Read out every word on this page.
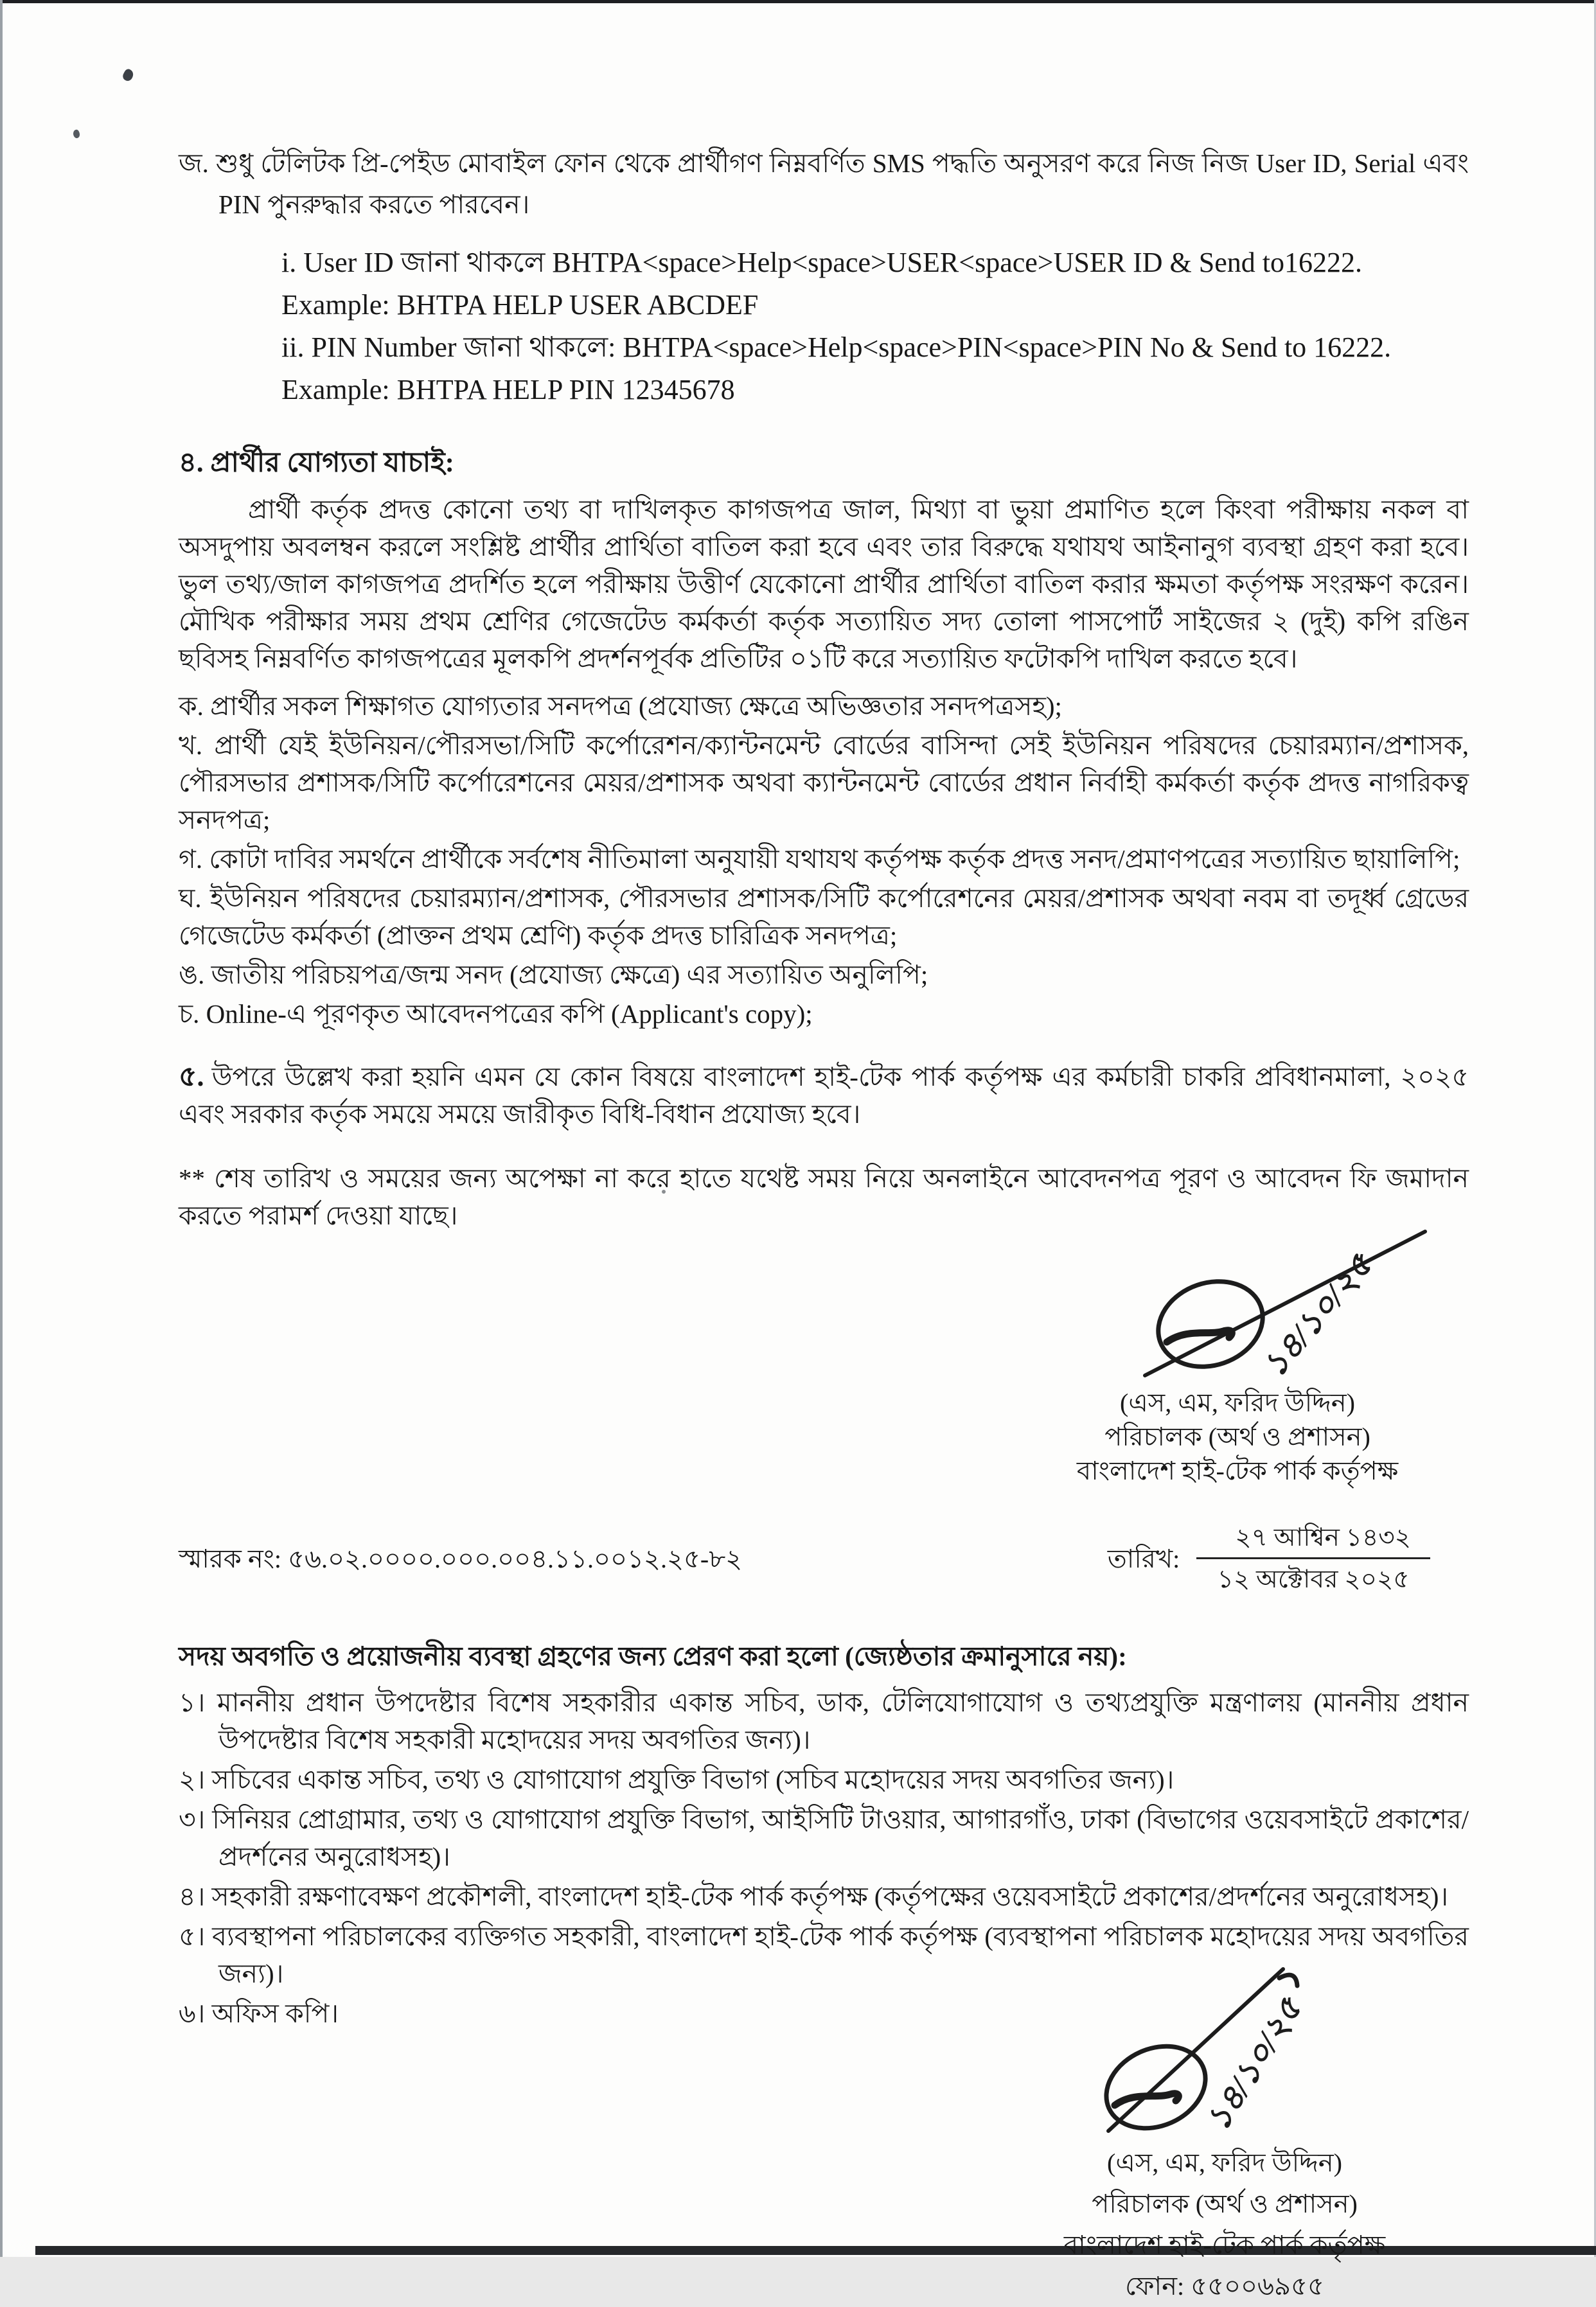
জ. শুধু টেলিটক প্রি-পেইড মোবাইল ফোন থেকে প্রার্থীগণ নিম্নবর্ণিত SMS পদ্ধতি অনুসরণ করে নিজ নিজ User ID, Serial এবং PIN পুনরুদ্ধার করতে পারবেন।
i. User ID জানা থাকলে BHTPA<space>Help<space>USER<space>USER ID & Send to16222.
Example: BHTPA HELP USER ABCDEF
ii. PIN Number জানা থাকলে: BHTPA<space>Help<space>PIN<space>PIN No & Send to 16222.
Example: BHTPA HELP PIN 12345678
৪. প্রার্থীর যোগ্যতা যাচাই:
প্রার্থী কর্তৃক প্রদত্ত কোনো তথ্য বা দাখিলকৃত কাগজপত্র জাল, মিথ্যা বা ভুয়া প্রমাণিত হলে কিংবা পরীক্ষায় নকল বা অসদুপায় অবলম্বন করলে সংশ্লিষ্ট প্রার্থীর প্রার্থিতা বাতিল করা হবে এবং তার বিরুদ্ধে যথাযথ আইনানুগ ব্যবস্থা গ্রহণ করা হবে। ভুল তথ্য/জাল কাগজপত্র প্রদর্শিত হলে পরীক্ষায় উত্তীর্ণ যেকোনো প্রার্থীর প্রার্থিতা বাতিল করার ক্ষমতা কর্তৃপক্ষ সংরক্ষণ করেন। মৌখিক পরীক্ষার সময় প্রথম শ্রেণির গেজেটেড কর্মকর্তা কর্তৃক সত্যায়িত সদ্য তোলা পাসপোর্ট সাইজের ২ (দুই) কপি রঙিন ছবিসহ নিম্নবর্ণিত কাগজপত্রের মূলকপি প্রদর্শনপূর্বক প্রতিটির ০১টি করে সত্যায়িত ফটোকপি দাখিল করতে হবে।
ক. প্রার্থীর সকল শিক্ষাগত যোগ্যতার সনদপত্র (প্রযোজ্য ক্ষেত্রে অভিজ্ঞতার সনদপত্রসহ);
খ. প্রার্থী যেই ইউনিয়ন/পৌরসভা/সিটি কর্পোরেশন/ক্যান্টনমেন্ট বোর্ডের বাসিন্দা সেই ইউনিয়ন পরিষদের চেয়ারম্যান/প্রশাসক, পৌরসভার প্রশাসক/সিটি কর্পোরেশনের মেয়র/প্রশাসক অথবা ক্যান্টনমেন্ট বোর্ডের প্রধান নির্বাহী কর্মকর্তা কর্তৃক প্রদত্ত নাগরিকত্ব সনদপত্র;
গ. কোটা দাবির সমর্থনে প্রার্থীকে সর্বশেষ নীতিমালা অনুযায়ী যথাযথ কর্তৃপক্ষ কর্তৃক প্রদত্ত সনদ/প্রমাণপত্রের সত্যায়িত ছায়ালিপি;
ঘ. ইউনিয়ন পরিষদের চেয়ারম্যান/প্রশাসক, পৌরসভার প্রশাসক/সিটি কর্পোরেশনের মেয়র/প্রশাসক অথবা নবম বা তদূর্ধ্ব গ্রেডের গেজেটেড কর্মকর্তা (প্রাক্তন প্রথম শ্রেণি) কর্তৃক প্রদত্ত চারিত্রিক সনদপত্র;
ঙ. জাতীয় পরিচয়পত্র/জন্ম সনদ (প্রযোজ্য ক্ষেত্রে) এর সত্যায়িত অনুলিপি;
চ. Online-এ পূরণকৃত আবেদনপত্রের কপি (Applicant's copy);
৫. উপরে উল্লেখ করা হয়নি এমন যে কোন বিষয়ে বাংলাদেশ হাই-টেক পার্ক কর্তৃপক্ষ এর কর্মচারী চাকরি প্রবিধানমালা, ২০২৫ এবং সরকার কর্তৃক সময়ে সময়ে জারীকৃত বিধি-বিধান প্রযোজ্য হবে।
** শেষ তারিখ ও সময়ের জন্য অপেক্ষা না করে হাতে যথেষ্ট সময় নিয়ে অনলাইনে আবেদনপত্র পূরণ ও আবেদন ফি জমাদান করতে পরামর্শ দেওয়া যাছে।
১৪/১০/২৫
(এস, এম, ফরিদ উদ্দিন)
পরিচালক (অর্থ ও প্রশাসন)
বাংলাদেশ হাই-টেক পার্ক কর্তৃপক্ষ
স্মারক নং: ৫৬.০২.০০০০.০০০.০০৪.১১.০০১২.২৫-৮২	তারিখ:
২৭ আশ্বিন ১৪৩২
১২ অক্টোবর ২০২৫
সদয় অবগতি ও প্রয়োজনীয় ব্যবস্থা গ্রহণের জন্য প্রেরণ করা হলো (জ্যেষ্ঠতার ক্রমানুসারে নয়):
১। মাননীয় প্রধান উপদেষ্টার বিশেষ সহকারীর একান্ত সচিব, ডাক, টেলিযোগাযোগ ও তথ্যপ্রযুক্তি মন্ত্রণালয় (মাননীয় প্রধান উপদেষ্টার বিশেষ সহকারী মহোদয়ের সদয় অবগতির জন্য)।
২। সচিবের একান্ত সচিব, তথ্য ও যোগাযোগ প্রযুক্তি বিভাগ (সচিব মহোদয়ের সদয় অবগতির জন্য)।
৩। সিনিয়র প্রোগ্রামার, তথ্য ও যোগাযোগ প্রযুক্তি বিভাগ, আইসিটি টাওয়ার, আগারগাঁও, ঢাকা (বিভাগের ওয়েবসাইটে প্রকাশের/প্রদর্শনের অনুরোধসহ)।
৪। সহকারী রক্ষণাবেক্ষণ প্রকৌশলী, বাংলাদেশ হাই-টেক পার্ক কর্তৃপক্ষ (কর্তৃপক্ষের ওয়েবসাইটে প্রকাশের/প্রদর্শনের অনুরোধসহ)।
৫। ব্যবস্থাপনা পরিচালকের ব্যক্তিগত সহকারী, বাংলাদেশ হাই-টেক পার্ক কর্তৃপক্ষ (ব্যবস্থাপনা পরিচালক মহোদয়ের সদয় অবগতির জন্য)।
৬। অফিস কপি।	১৪/১০/২৫
(এস, এম, ফরিদ উদ্দিন)
পরিচালক (অর্থ ও প্রশাসন)
বাংলাদেশ হাই-টেক পার্ক কর্তৃপক্ষ
ফোন: ৫৫০০৬৯৫৫
